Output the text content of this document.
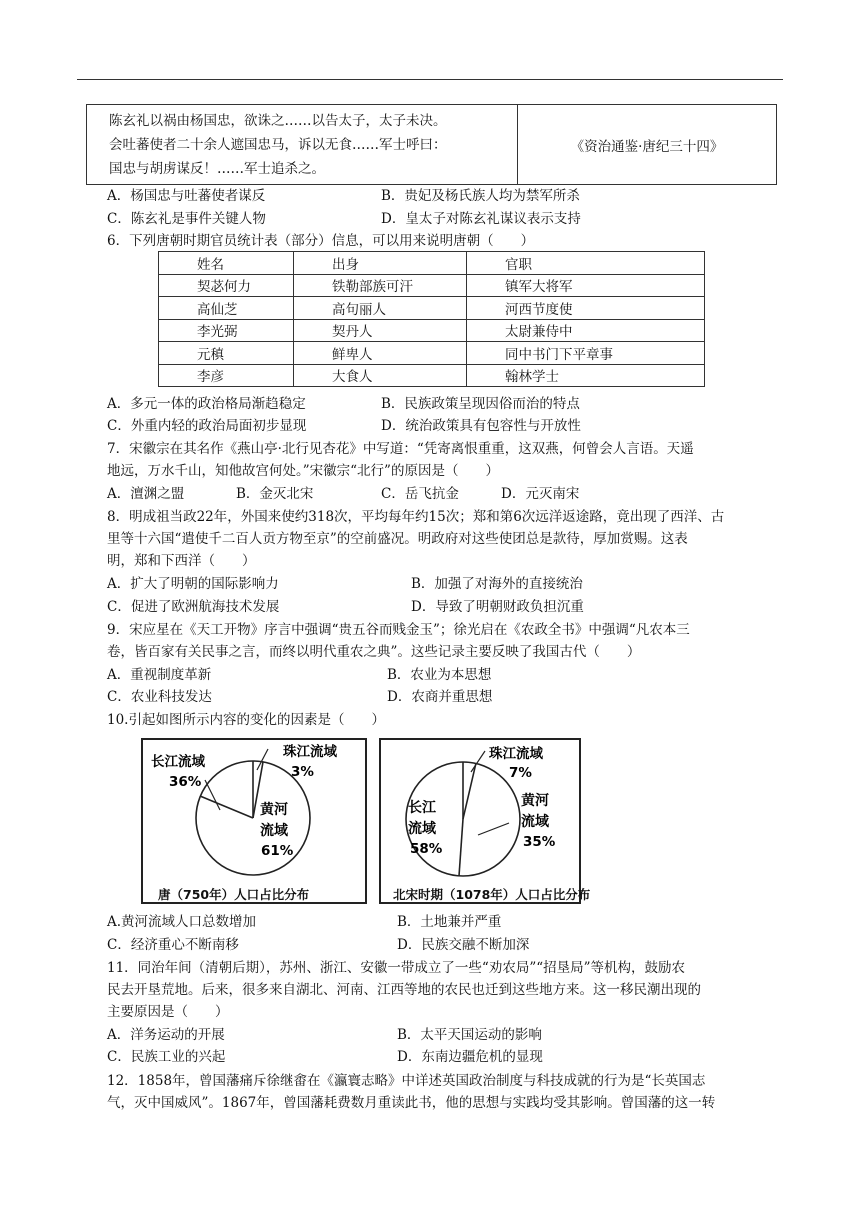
陈玄礼以祸由杨国忠，欲诛之……以告太子，太子未决。
会吐蕃使者二十余人遮国忠马，诉以无食……军士呼曰：
国忠与胡虏谋反！……军士追杀之。
《资治通鉴·唐纪三十四》
A．杨国忠与吐蕃使者谋反	B．贵妃及杨氏族人均为禁军所杀
C．陈玄礼是事件关键人物	D．皇太子对陈玄礼谋议表示支持
6．下列唐朝时期官员统计表（部分）信息，可以用来说明唐朝（　　）
姓名	出身	官职
契苾何力	铁勒部族可汗	镇军大将军
高仙芝	高句丽人	河西节度使
李光弼	契丹人	太尉兼侍中
元稹	鲜卑人	同中书门下平章事
李彦	大食人	翰林学士
A．多元一体的政治格局渐趋稳定	B．民族政策呈现因俗而治的特点
C．外重内轻的政治局面初步显现	D．统治政策具有包容性与开放性
7．宋徽宗在其名作《燕山亭·北行见杏花》中写道：“凭寄离恨重重，这双燕，何曾会人言语。天遥
地远，万水千山，知他故宫何处。”宋徽宗“北行”的原因是（　　）
A．澶渊之盟	B．金灭北宋	C．岳飞抗金	D．元灭南宋
8．明成祖当政22年，外国来使约318次，平均每年约15次；郑和第6次远洋返途路，竟出现了西洋、古
里等十六国“遣使千二百人贡方物至京”的空前盛况。明政府对这些使团总是款待，厚加赏赐。这表
明，郑和下西洋（　　）
A．扩大了明朝的国际影响力	B．加强了对海外的直接统治
C．促进了欧洲航海技术发展	D．导致了明朝财政负担沉重
9．宋应星在《天工开物》序言中强调“贵五谷而贱金玉”；徐光启在《农政全书》中强调“凡农本三
卷，皆百家有关民事之言，而终以明代重农之典”。这些记录主要反映了我国古代（　　）
A．重视制度革新	B．农业为本思想
C．农业科技发达	D．农商并重思想
10.引起如图所示内容的变化的因素是（　　）
珠江流域
3%
长江流域
36%
黄河
流域
61%
唐（750年）人口占比分布
珠江流域
7%
长江
流域
58%
黄河
流域
35%
北宋时期（1078年）人口占比分布
A.黄河流域人口总数增加	B．土地兼并严重
C．经济重心不断南移	D．民族交融不断加深
11．同治年间（清朝后期），苏州、浙江、安徽一带成立了一些“劝农局”“招垦局”等机构，鼓励农
民去开垦荒地。后来，很多来自湖北、河南、江西等地的农民也迁到这些地方来。这一移民潮出现的
主要原因是（　　）
A．洋务运动的开展	B．太平天国运动的影响
C．民族工业的兴起	D．东南边疆危机的显现
12．1858年，曾国藩痛斥徐继畬在《瀛寰志略》中详述英国政治制度与科技成就的行为是“长英国志
气，灭中国威风”。1867年，曾国藩耗费数月重读此书，他的思想与实践均受其影响。曾国藩的这一转
